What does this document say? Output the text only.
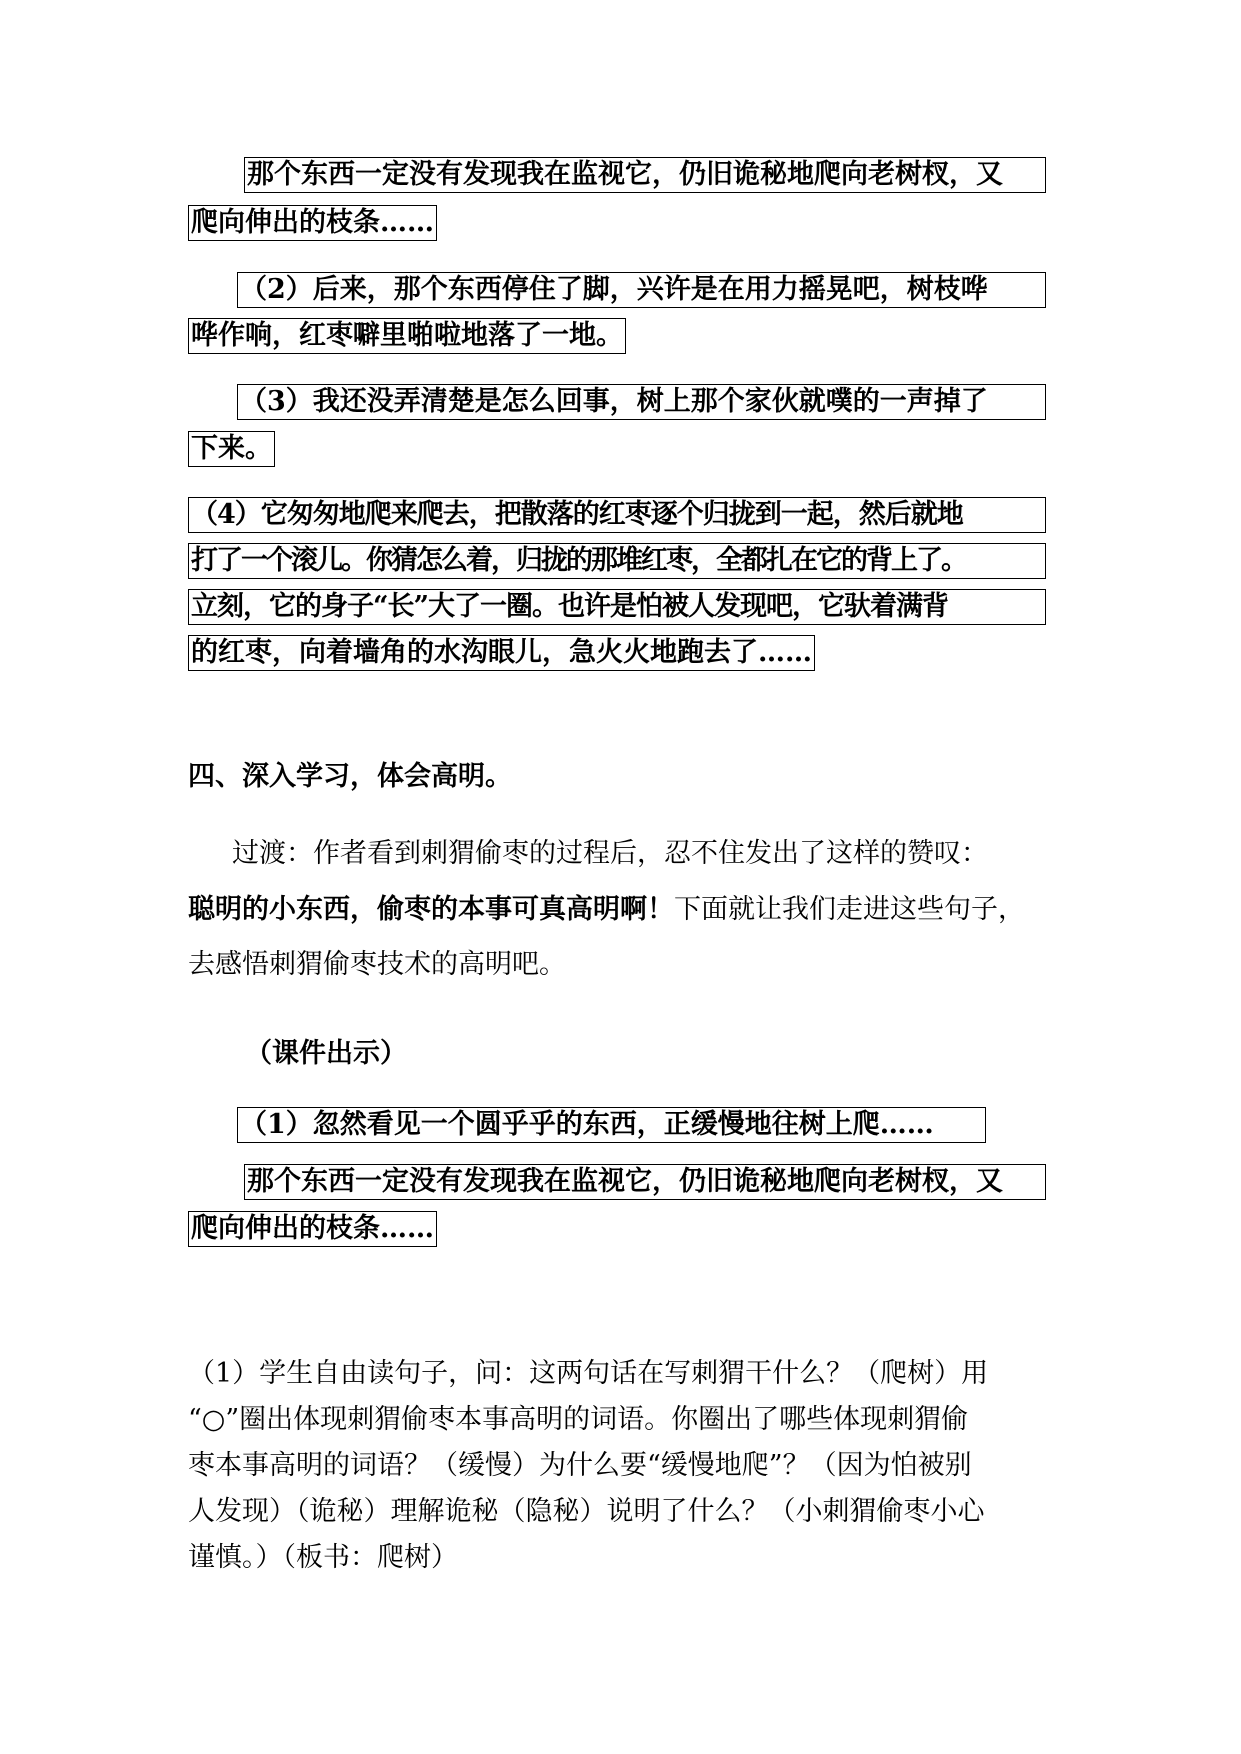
那个东西一定没有发现我在监视它，仍旧诡秘地爬向老树杈，又
爬向伸出的枝条……
（2）后来，那个东西停住了脚，兴许是在用力摇晃吧，树枝哗
哗作响，红枣噼里啪啦地落了一地。
（3）我还没弄清楚是怎么回事，树上那个家伙就噗的一声掉了
下来。
（4）它匆匆地爬来爬去，把散落的红枣逐个归拢到一起，然后就地
打了一个滚儿。你猜怎么着，归拢的那堆红枣，全都扎在它的背上了。
立刻，它的身子“长”大了一圈。也许是怕被人发现吧，它驮着满背
的红枣，向着墙角的水沟眼儿，急火火地跑去了……
四、深入学习，体会高明。
过渡：作者看到刺猬偷枣的过程后，忍不住发出了这样的赞叹：
聪明的小东西，偷枣的本事可真高明啊！下面就让我们走进这些句子，
去感悟刺猬偷枣技术的高明吧。
（课件出示）
（1）忽然看见一个圆乎乎的东西，正缓慢地往树上爬……
那个东西一定没有发现我在监视它，仍旧诡秘地爬向老树杈，又
爬向伸出的枝条……
（1）学生自由读句子，问：这两句话在写刺猬干什么？（爬树）用
“○”圈出体现刺猬偷枣本事高明的词语。你圈出了哪些体现刺猬偷
枣本事高明的词语？（缓慢）为什么要“缓慢地爬”？（因为怕被别
人发现）（诡秘）理解诡秘（隐秘）说明了什么？（小刺猬偷枣小心
谨慎。）（板书：爬树）
